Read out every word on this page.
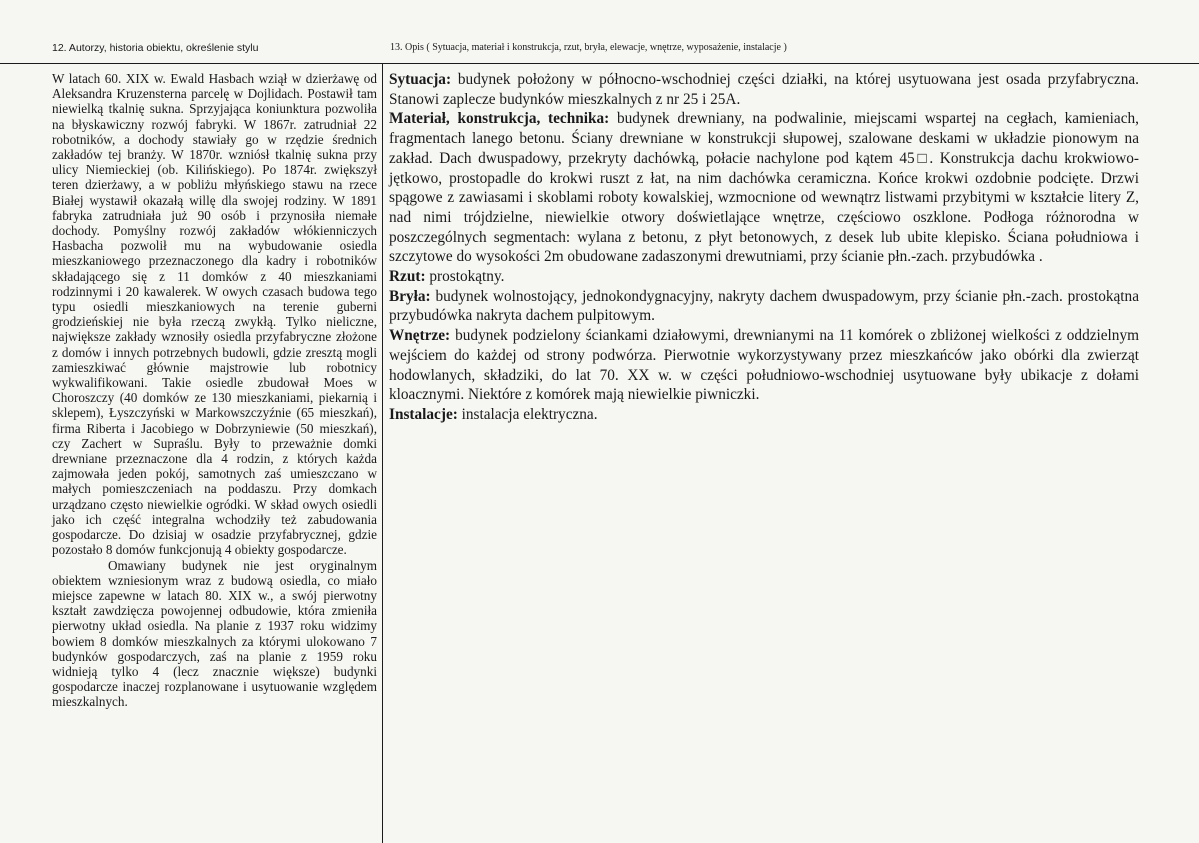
12. Autorzy, historia obiektu, określenie stylu	13. Opis ( Sytuacja, materiał i konstrukcja, rzut, bryła, elewacje, wnętrze, wyposażenie, instalacje )

W latach 60. XIX w. Ewald Hasbach wziął w dzierżawę od Aleksandra Kruzensterna parcelę w Dojlidach. Postawił tam niewielką tkalnię sukna. Sprzyjająca koniunktura pozwoliła na błyskawiczny rozwój fabryki. W 1867r. zatrudniał 22 robotników, a dochody stawiały go w rzędzie średnich zakładów tej branży. W 1870r. wzniósł tkalnię sukna przy ulicy Niemieckiej (ob. Kilińskiego). Po 1874r. zwiększył teren dzierżawy, a w pobliżu młyńskiego stawu na rzece Białej wystawił okazałą willę dla swojej rodziny. W 1891 fabryka zatrudniała już 90 osób i przynosiła niemałe dochody. Pomyślny rozwój zakładów włókienniczych Hasbacha pozwolił mu na wybudowanie osiedla mieszkaniowego przeznaczonego dla kadry i robotników składającego się z 11 domków z 40 mieszkaniami rodzinnymi i 20 kawalerek. W owych czasach budowa tego typu osiedli mieszkaniowych na terenie guberni grodzieńskiej nie była rzeczą zwykłą. Tylko nieliczne, największe zakłady wznosiły osiedla przyfabryczne złożone z domów i innych potrzebnych budowli, gdzie zresztą mogli zamieszkiwać głównie majstrowie lub robotnicy wykwalifikowani. Takie osiedle zbudował Moes w Choroszczy (40 domków ze 130 mieszkaniami, piekarnią i sklepem), Łyszczyński w Markowszczyźnie (65 mieszkań), firma Riberta i Jacobiego w Dobrzyniewie (50 mieszkań), czy Zachert w Supraślu. Były to przeważnie domki drewniane przeznaczone dla 4 rodzin, z których każda zajmowała jeden pokój, samotnych zaś umieszczano w małych pomieszczeniach na poddaszu. Przy domkach urządzano często niewielkie ogródki. W skład owych osiedli jako ich część integralna wchodziły też zabudowania gospodarcze. Do dzisiaj w osadzie przyfabrycznej, gdzie pozostało 8 domów funkcjonują 4 obiekty gospodarcze.

Omawiany budynek nie jest oryginalnym obiektem wzniesionym wraz z budową osiedla, co miało miejsce zapewne w latach 80. XIX w., a swój pierwotny kształt zawdzięcza powojennej odbudowie, która zmieniła pierwotny układ osiedla. Na planie z 1937 roku widzimy bowiem 8 domków mieszkalnych za którymi ulokowano 7 budynków gospodarczych, zaś na planie z 1959 roku widnieją tylko 4 (lecz znacznie większe) budynki gospodarcze inaczej rozplanowane i usytuowanie względem mieszkalnych.

Sytuacja: budynek położony w północno-wschodniej części działki, na której usytuowana jest osada przyfabryczna. Stanowi zaplecze budynków mieszkalnych z nr 25 i 25A.

Materiał, konstrukcja, technika: budynek drewniany, na podwalinie, miejscami wspartej na cegłach, kamieniach, fragmentach lanego betonu. Ściany drewniane w konstrukcji słupowej, szalowane deskami w układzie pionowym na zakład. Dach dwuspadowy, przekryty dachówką, połacie nachylone pod kątem 45□. Konstrukcja dachu krokwiowo-jętkowo, prostopadle do krokwi ruszt z łat, na nim dachówka ceramiczna. Końce krokwi ozdobnie podcięte. Drzwi spągowe z zawiasami i skoblami roboty kowalskiej, wzmocnione od wewnątrz listwami przybitymi w kształcie litery Z, nad nimi trójdzielne, niewielkie otwory doświetlające wnętrze, częściowo oszklone. Podłoga różnorodna w poszczególnych segmentach: wylana z betonu, z płyt betonowych, z desek lub ubite klepisko. Ściana południowa i szczytowe do wysokości 2m obudowane zadaszonymi drewutniami, przy ścianie płn.-zach. przybudówka .

Rzut: prostokątny.

Bryła: budynek wolnostojący, jednokondygnacyjny, nakryty dachem dwuspadowym, przy ścianie płn.-zach. prostokątna przybudówka nakryta dachem pulpitowym.

Wnętrze: budynek podzielony ściankami działowymi, drewnianymi na 11 komórek o zbliżonej wielkości z oddzielnym wejściem do każdej od strony podwórza. Pierwotnie wykorzystywany przez mieszkańców jako obórki dla zwierząt hodowlanych, składziki, do lat 70. XX w. w części południowo-wschodniej usytuowane były ubikacje z dołami kloacznymi. Niektóre z komórek mają niewielkie piwniczki.

Instalacje: instalacja elektryczna.
